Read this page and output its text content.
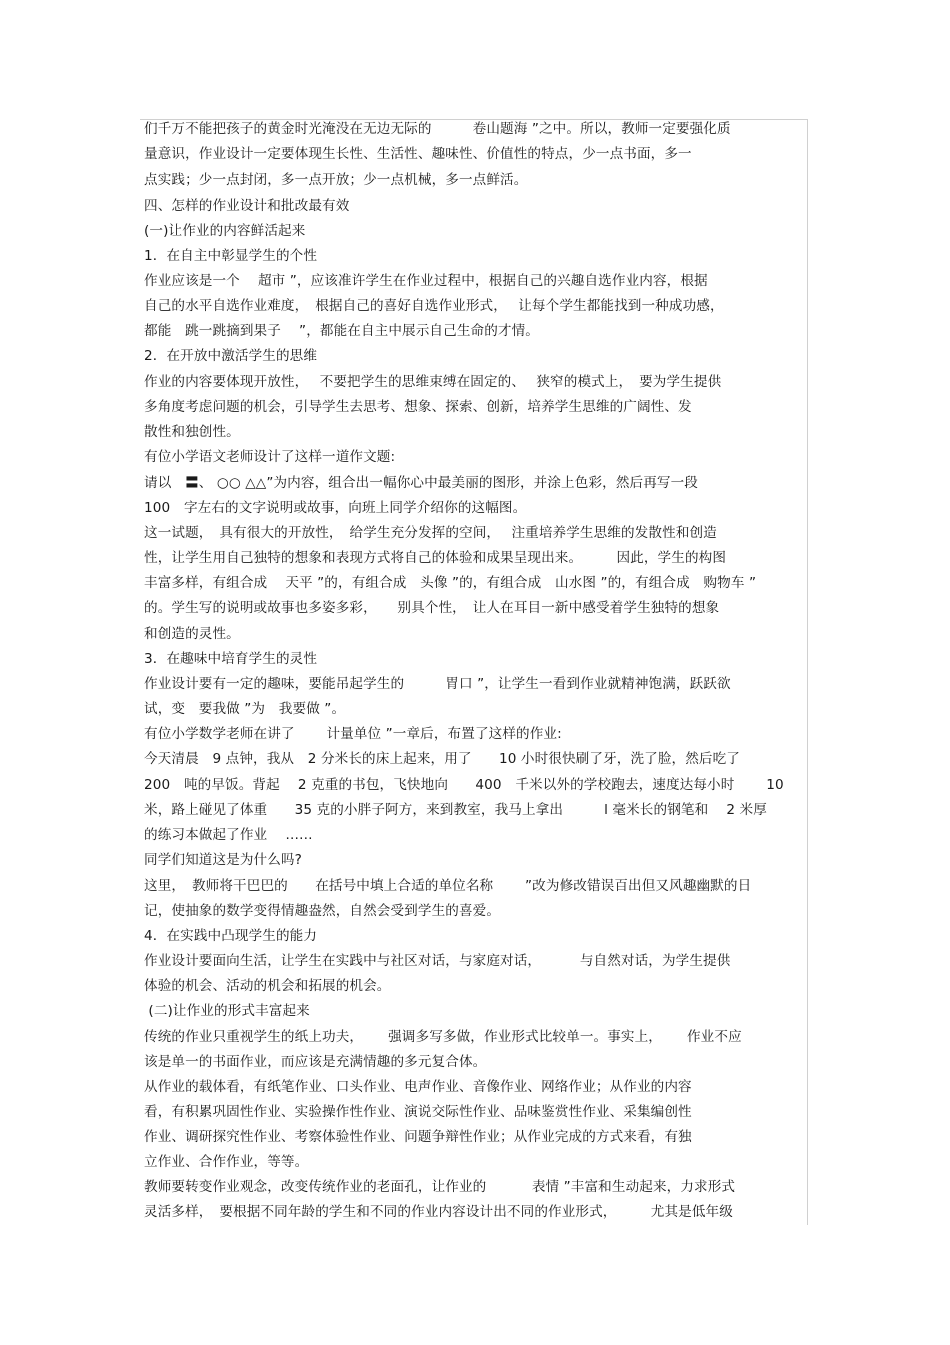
们千万不能把孩子的黄金时光淹没在无边无际的　　　卷山题海 ”之中。所以，教师一定要强化质
量意识，作业设计一定要体现生长性、生活性、趣味性、价值性的特点，少一点书面，多一
点实践；少一点封闭，多一点开放；少一点机械，多一点鲜活。
四、怎样的作业设计和批改最有效
(一)让作业的内容鲜活起来
1．在自主中彰显学生的个性
作业应该是一个　 超市 ”，应该准许学生在作业过程中，根据自己的兴趣自选作业内容，根据
自己的水平自选作业难度，　根据自己的喜好自选作业形式，　 让每个学生都能找到一种成功感，
都能　跳一跳摘到果子　 ”，都能在自主中展示自己生命的才情。
2．在开放中激活学生的思维
作业的内容要体现开放性，　 不要把学生的思维束缚在固定的、　 狭窄的模式上，　要为学生提供
多角度考虑问题的机会，引导学生去思考、想象、探索、创新，培养学生思维的广阔性、发
散性和独创性。
有位小学语文老师设计了这样一道作文题:
请以　〓、 ○○ △△”为内容，组合出一幅你心中最美丽的图形，并涂上色彩，然后再写一段
100　字左右的文字说明或故事，向班上同学介绍你的这幅图。
这一试题，　具有很大的开放性，　给学生充分发挥的空间，　 注重培养学生思维的发散性和创造
性，让学生用自己独特的想象和表现方式将自己的体验和成果呈现出来。　　　因此，学生的构图
丰富多样，有组合成　 天平 ”的，有组合成　头像 ”的，有组合成　山水图 ”的，有组合成　购物车 ”
的。学生写的说明或故事也多姿多彩，　　别具个性，　让人在耳目一新中感受着学生独特的想象
和创造的灵性。
3．在趣味中培育学生的灵性
作业设计要有一定的趣味，要能吊起学生的　　　胃口 ”，让学生一看到作业就精神饱满，跃跃欲
试，变　要我做 ”为　我要做 ”。
有位小学数学老师在讲了　　 计量单位 ”一章后，布置了这样的作业:
今天清晨　9 点钟，我从　2 分米长的床上起来，用了　　10 小时很快刷了牙，洗了脸，然后吃了
200　吨的早饭。背起　 2 克重的书包，飞快地向　　400　千米以外的学校跑去，速度达每小时　　 10
米，路上碰见了体重　　35 克的小胖子阿方，来到教室，我马上拿出　　　l 毫米长的钢笔和　 2 米厚
的练习本做起了作业　 ……
同学们知道这是为什么吗?
这里，　教师将干巴巴的　　在括号中填上合适的单位名称　　 ”改为修改错误百出但又风趣幽默的日
记，使抽象的数学变得情趣盎然，自然会受到学生的喜爱。
4．在实践中凸现学生的能力
作业设计要面向生活，让学生在实践中与社区对话，与家庭对话，　　　 与自然对话，为学生提供
体验的机会、活动的机会和拓展的机会。
(二)让作业的形式丰富起来
传统的作业只重视学生的纸上功夫，　　 强调多写多做，作业形式比较单一。事实上，　　 作业不应
该是单一的书面作业，而应该是充满情趣的多元复合体。
从作业的载体看，有纸笔作业、口头作业、电声作业、音像作业、网络作业；从作业的内容
看，有积累巩固性作业、实验操作性作业、演说交际性作业、品味鉴赏性作业、采集编创性
作业、调研探究性作业、考察体验性作业、问题争辩性作业；从作业完成的方式来看，有独
立作业、合作作业，等等。
教师要转变作业观念，改变传统作业的老面孔，让作业的　　　 表情 ”丰富和生动起来，力求形式
灵活多样，　要根据不同年龄的学生和不同的作业内容设计出不同的作业形式，　　　尤其是低年级
